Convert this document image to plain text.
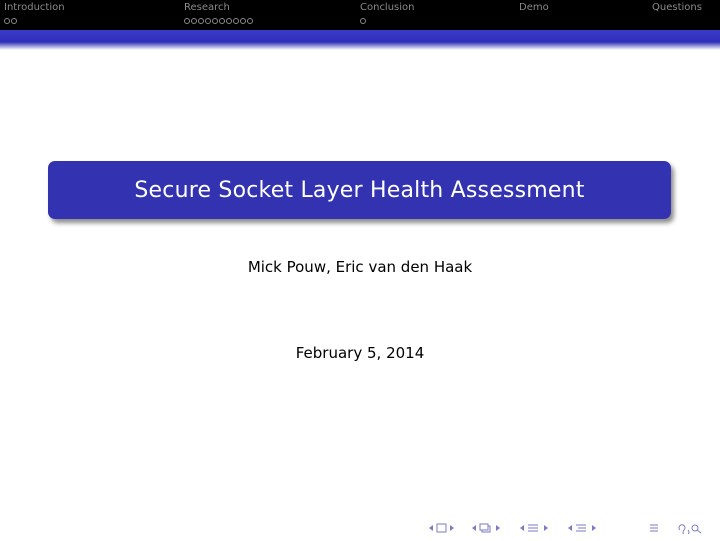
Introduction	Research	Conclusion	Demo	Questions
Secure Socket Layer Health Assessment
Mick Pouw, Eric van den Haak
February 5, 2014
